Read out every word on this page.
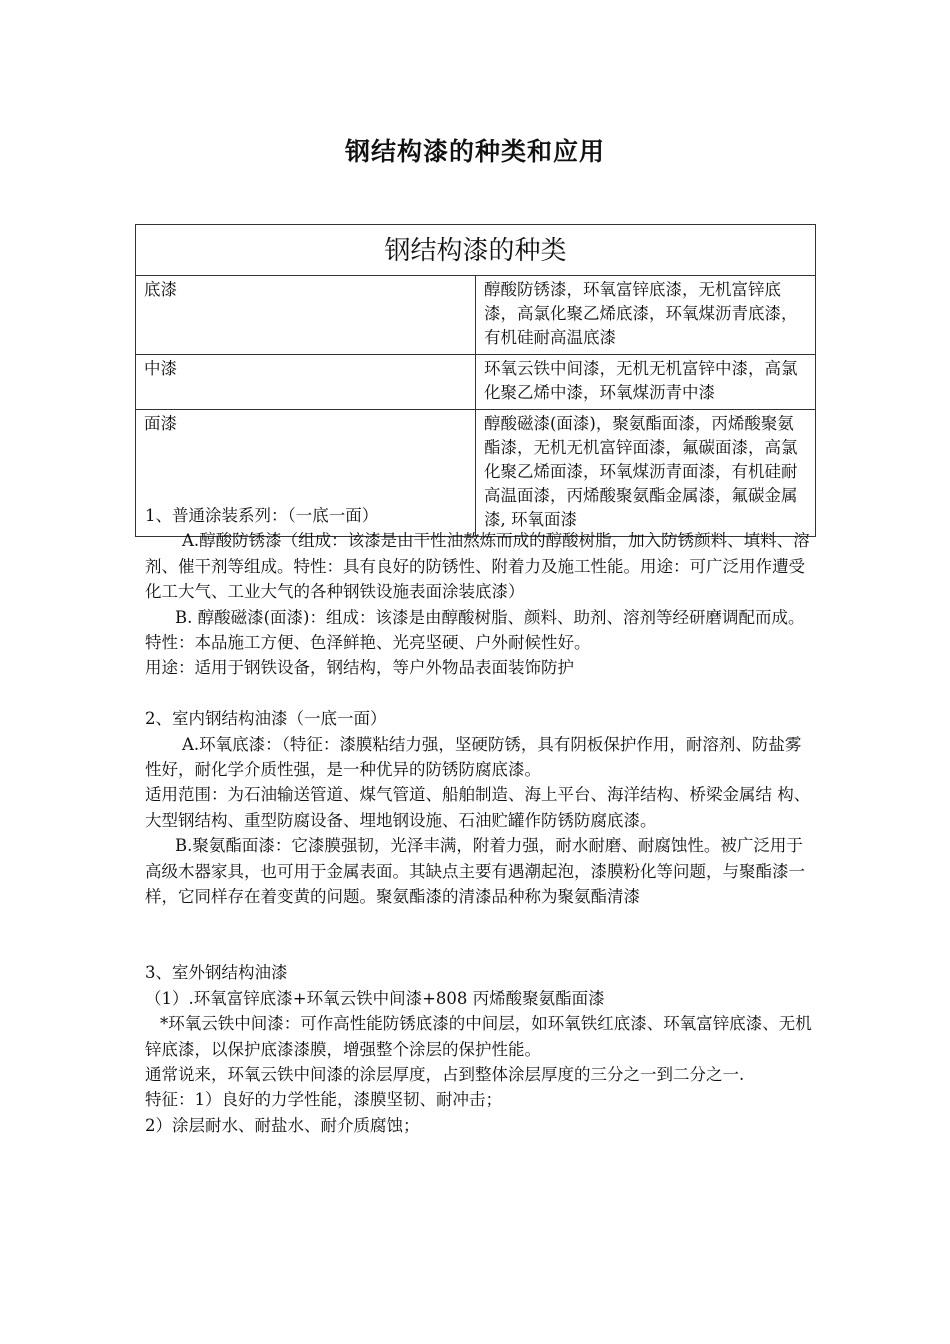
钢结构漆的种类和应用
钢结构漆的种类	
底漆	醇酸防锈漆，环氧富锌底漆，无机富锌底漆，高氯化聚乙烯底漆，环氧煤沥青底漆，有机硅耐高温底漆
中漆	环氧云铁中间漆，无机无机富锌中漆，高氯化聚乙烯中漆，环氧煤沥青中漆
面漆	醇酸磁漆(面漆)，聚氨酯面漆，丙烯酸聚氨酯漆，无机无机富锌面漆，氟碳面漆，高氯化聚乙烯面漆，环氧煤沥青面漆，有机硅耐高温面漆，丙烯酸聚氨酯金属漆，氟碳金属漆, 环氧面漆

1、普通涂装系列：（一底一面）

A.醇酸防锈漆（组成：该漆是由干性油熬炼而成的醇酸树脂，加入防锈颜料、填料、溶剂、催干剂等组成。特性：具有良好的防锈性、附着力及施工性能。用途：可广泛用作遭受化工大气、工业大气的各种钢铁设施表面涂装底漆）

B. 醇酸磁漆(面漆)：组成：该漆是由醇酸树脂、颜料、助剂、溶剂等经研磨调配而成。

特性：本品施工方便、色泽鲜艳、光亮坚硬、户外耐候性好。

用途：适用于钢铁设备，钢结构，等户外物品表面装饰防护

2、室内钢结构油漆（一底一面）

A.环氧底漆：（特征：漆膜粘结力强，坚硬防锈，具有阴板保护作用，耐溶剂、防盐雾性好，耐化学介质性强，是一种优异的防锈防腐底漆。

适用范围：为石油输送管道、煤气管道、船舶制造、海上平台、海洋结构、桥梁金属结 构、大型钢结构、重型防腐设备、埋地钢设施、石油贮罐作防锈防腐底漆。

B.聚氨酯面漆：它漆膜强韧，光泽丰满，附着力强，耐水耐磨、耐腐蚀性。被广泛用于高级木器家具，也可用于金属表面。其缺点主要有遇潮起泡，漆膜粉化等问题，与聚酯漆一样，它同样存在着变黄的问题。聚氨酯漆的清漆品种称为聚氨酯清漆

3、室外钢结构油漆

（1）.环氧富锌底漆+环氧云铁中间漆+808 丙烯酸聚氨酯面漆

*环氧云铁中间漆：可作高性能防锈底漆的中间层，如环氧铁红底漆、环氧富锌底漆、无机锌底漆，以保护底漆漆膜，增强整个涂层的保护性能。

通常说来，环氧云铁中间漆的涂层厚度，占到整体涂层厚度的三分之一到二分之一.

特征：1）良好的力学性能，漆膜坚韧、耐冲击；

2）涂层耐水、耐盐水、耐介质腐蚀；
